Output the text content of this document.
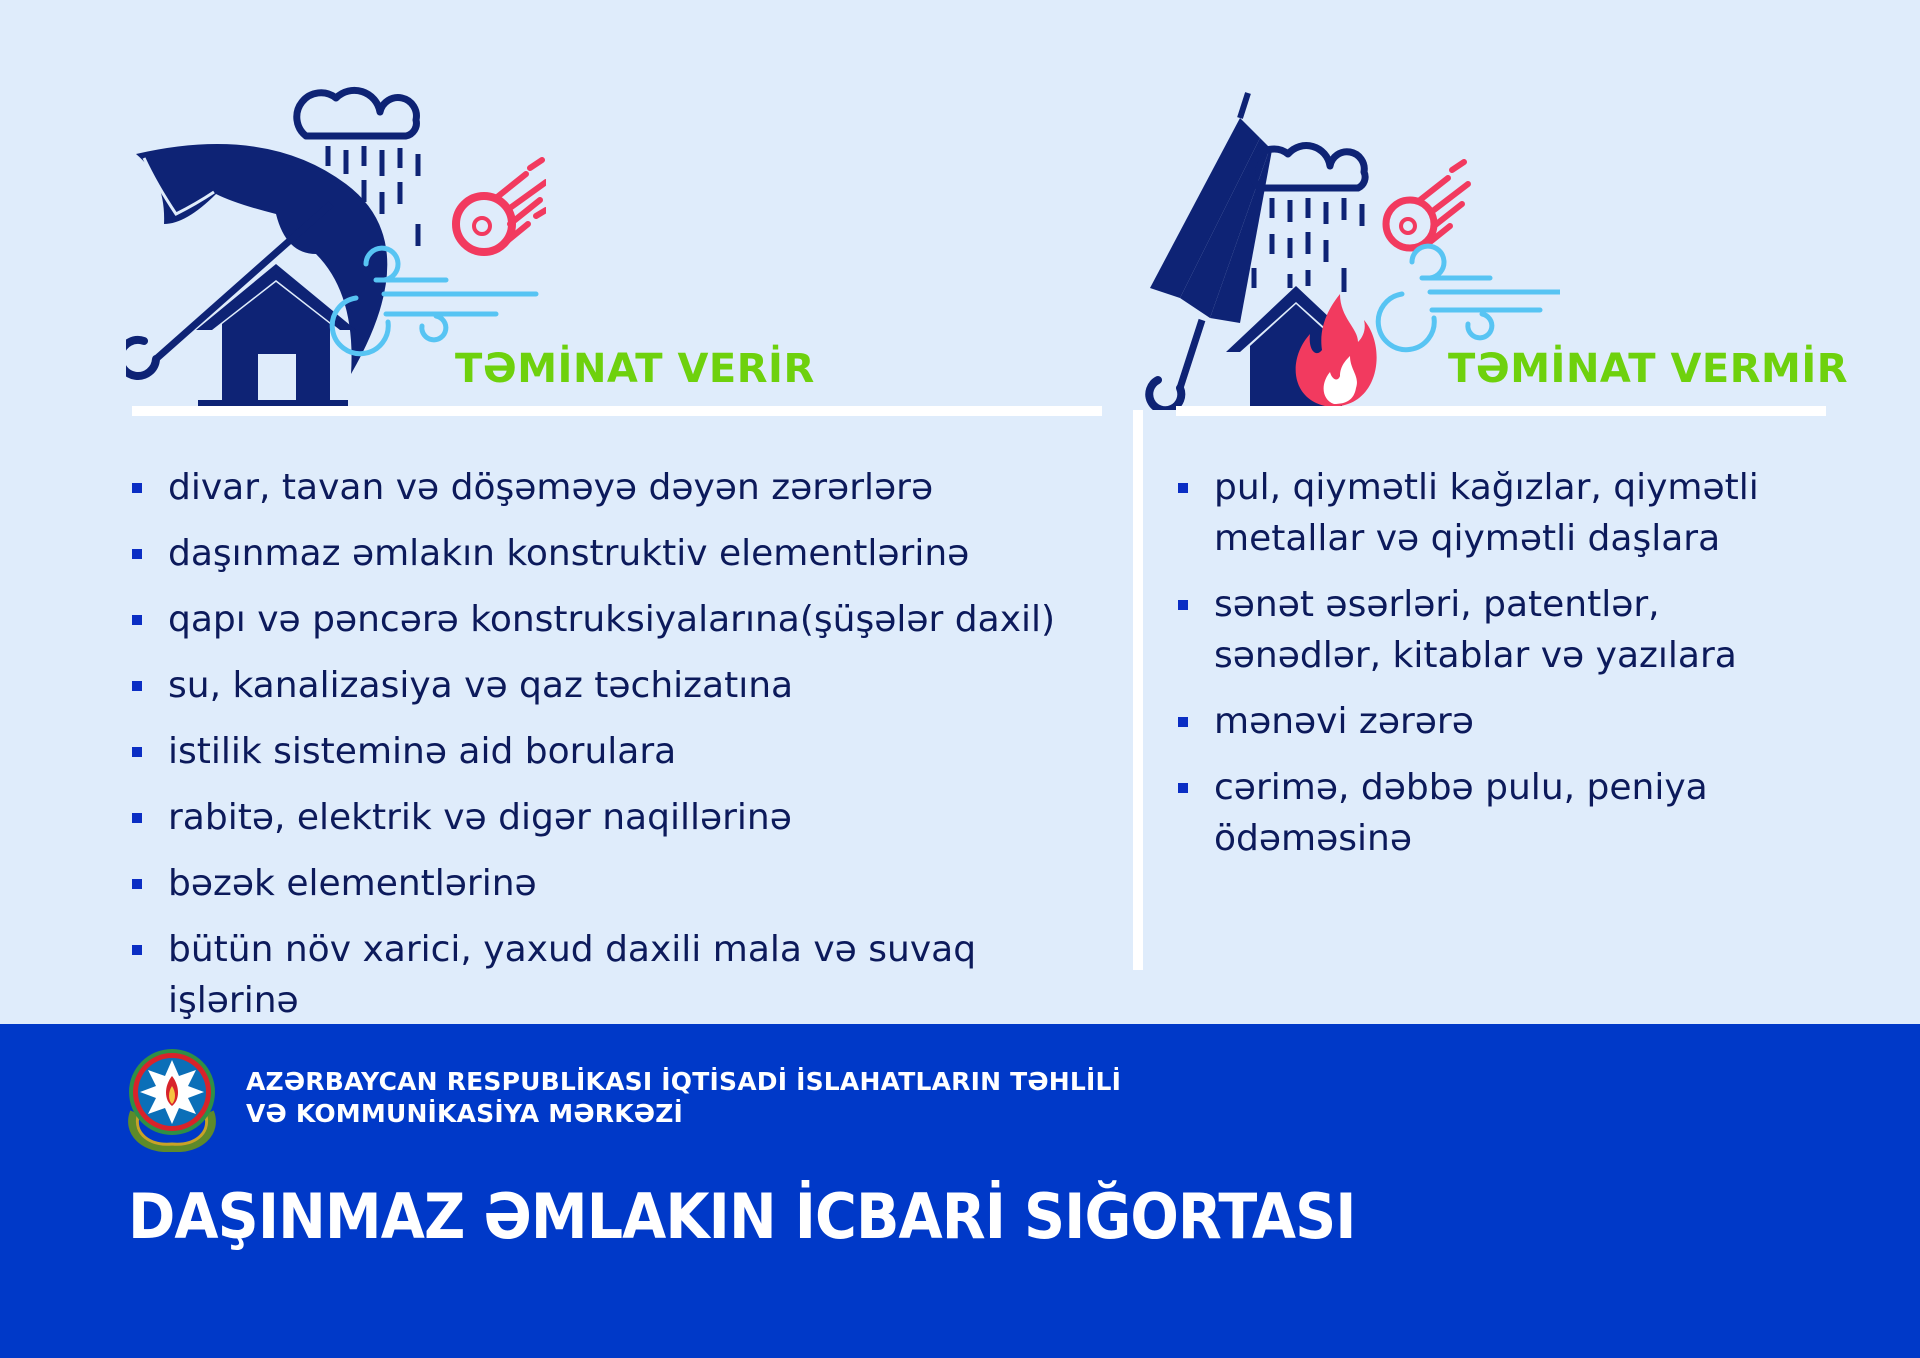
TƏMİNAT VERİR
divar, tavan və döşəməyə dəyən zərərlərə
daşınmaz əmlakın konstruktiv elementlərinə
qapı və pəncərə konstruksiyalarına(şüşələr daxil)
su, kanalizasiya və qaz təchizatına
istilik sisteminə aid borulara
rabitə, elektrik və digər naqillərinə
bəzək elementlərinə
bütün növ xarici, yaxud daxili mala və suvaq işlərinə
TƏMİNAT VERMİR
pul, qiymətli kağızlar, qiymətli
metallar və qiymətli daşlara
sənət əsərləri, patentlər,
sənədlər, kitablar və yazılara
mənəvi zərərə
cərimə, dəbbə pulu, peniya
ödəməsinə

AZƏRBAYCAN RESPUBLİKASI İQTİSADİ İSLAHATLARIN TƏHLİLİ
VƏ KOMMUNİKASİYA MƏRKƏZİ

DAŞINMAZ ƏMLAKIN İCBARİ SIĞORTASI
